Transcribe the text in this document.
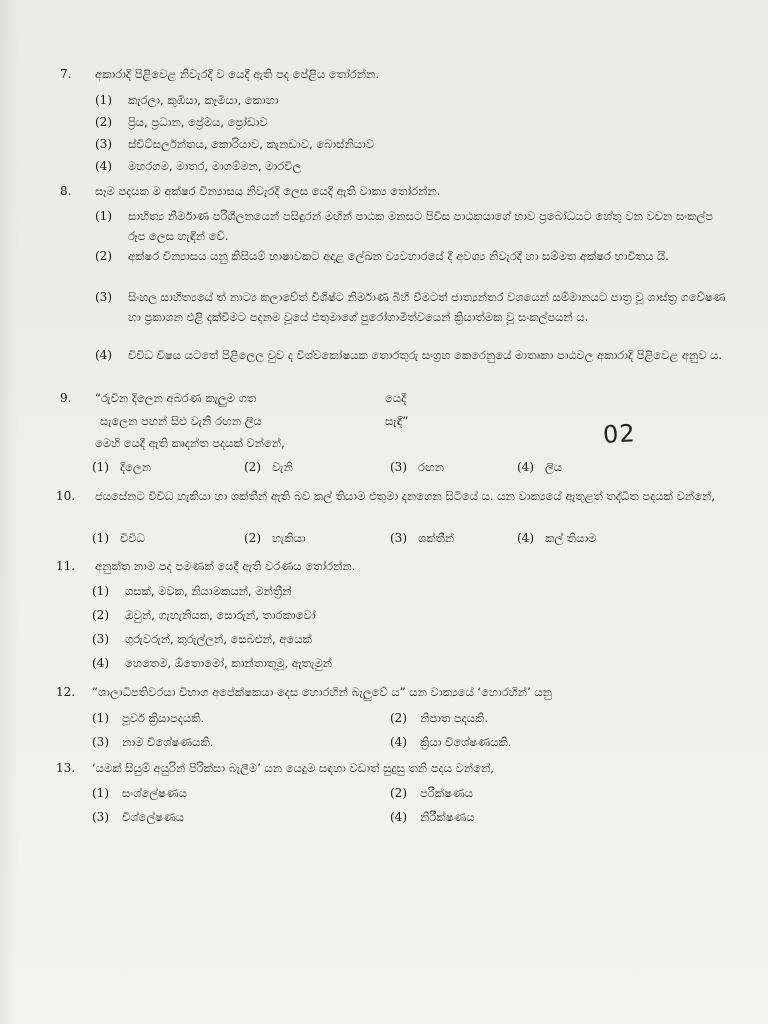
7. අකාරාදි පිළිවෙළ නිවැරදි ව යෙදී ඇති පද පේළිය තෝරන්න.
(1) කැරලා, කුඹියා, කෑමියා, කොහා
(2) ප්‍රිය, ප්‍රධාන, ප්‍රේමය, ප්‍රෝඩාව
(3) ස්විට්සර්ලන්තය, කොරියාව, කැනඩාව, බොස්නියාව
(4) මහරගම, මාතර, මාගම්මන, මාරවිල
8. සෑම පදයක ම අක්ෂර වින්‍යාසය නිවැරදි ලෙස යෙදී ඇති වාක්‍ය තෝරන්න.
(1) සාහිත්‍ය නිර්මාණ පරිශීලනයෙන් පසිඳුරන් මඟින් පාඨක මනසට පිවිස පාඨකයාගේ භාව ප්‍රබෝධයට හේතු වන වචන සංකල්ප රූප ලෙස හැඳින් වේ.
(2) අක්ෂර වින්‍යාසය යනු කිසියම් භාෂාවකට අදාළ ලේඛන ව්‍යවහාරයේ දී අවශ්‍ය නිවැරදි හා සම්මත අක්ෂර භාවිතය යි.
(3) සිංහල සාහිත්‍යයේ ත් නාට්‍ය කලාවේත් විශිෂ්ට නිර්මාණ බිහි වීමටත් ජාත්‍යන්තර වශයෙන් සම්මානයට පාත්‍ර වූ ශාස්ත්‍ර ගවේෂණ හා ප්‍රකාශන එළි දක්වීමට පදනම වූයේ එතුමාගේ පුරෝගාමීත්වයෙන් ක්‍රියාත්මක වූ සංකල්පයන් ය.
(4) විවිධ විෂය යටතේ පිළිලෙල වුව ද විශ්වකෝෂයක තොරතුරු සංග්‍රහ කෙරෙනුයේ මාතෘකා පාඨවල අකාරාදි පිළිවෙළ අනුව ය.
9. “රුවින දිලෙන අබරණ කැලුම ගත	යෙදී
සැලෙන පහන් සිළු වැනි රඟන ලිය	සැඳී”
මෙහි යෙදී ඇති කෘදන්ත පදයක් වන්නේ,
(1) දිලෙන	(2) වැනි	(3) රඟන	(4) ලිය
02
10. ජයසේනට විවිධ හැකියා හා ශක්තීන් ඇති බව කල් තියාම එතුමා දනගෙන සිටියේ ය. යන වාක්‍යයේ ඇතුළත් තද්ධිත පදයක් වන්නේ,
(1) විවිධ	(2) හැකියා	(3) ශක්තීන්	(4) කල් තියාම
11. අනුක්ත නාම පද පමණක් යෙදී ඇති වරණය තෝරන්න.
(1) ගසක්, මවක, නියාමකයන්, මන්ත්‍රීන්
(2) ඔවුන්, ගැහැනියක, සොරුන්, තාරකාවෝ
(3) ගුරුවරුන්, කුරුල්ලන්, සෙබළුන්, අයෙක්
(4) හෙතෙම, ඕතොමෝ, කාන්තාතුමූ, ඇතැමුන්
12. “ශාලාධිපතිවරයා විභාග අපේක්ෂකයා දෙස හොරහින් බැලුවේ ය” යන වාක්‍යයේ ‘හොරහින්’ යනු
(1) පූර්ව ක්‍රියාපදයකි.	(2) නිපාත පදයකි.
(3) නාම විශේෂණයකි.	(4) ක්‍රියා විශේෂණයකි.
13. ‘යමක් සියුම් අයුරින් පිරික්සා බැලීම’ යන යෙදුම සඳහා වඩාත් සුදුසු තනි පදය වන්නේ,
(1) සංශ්ලේෂණය	(2) පරීක්ෂණය
(3) විශ්ලේෂණය	(4) නිරීක්ෂණය
